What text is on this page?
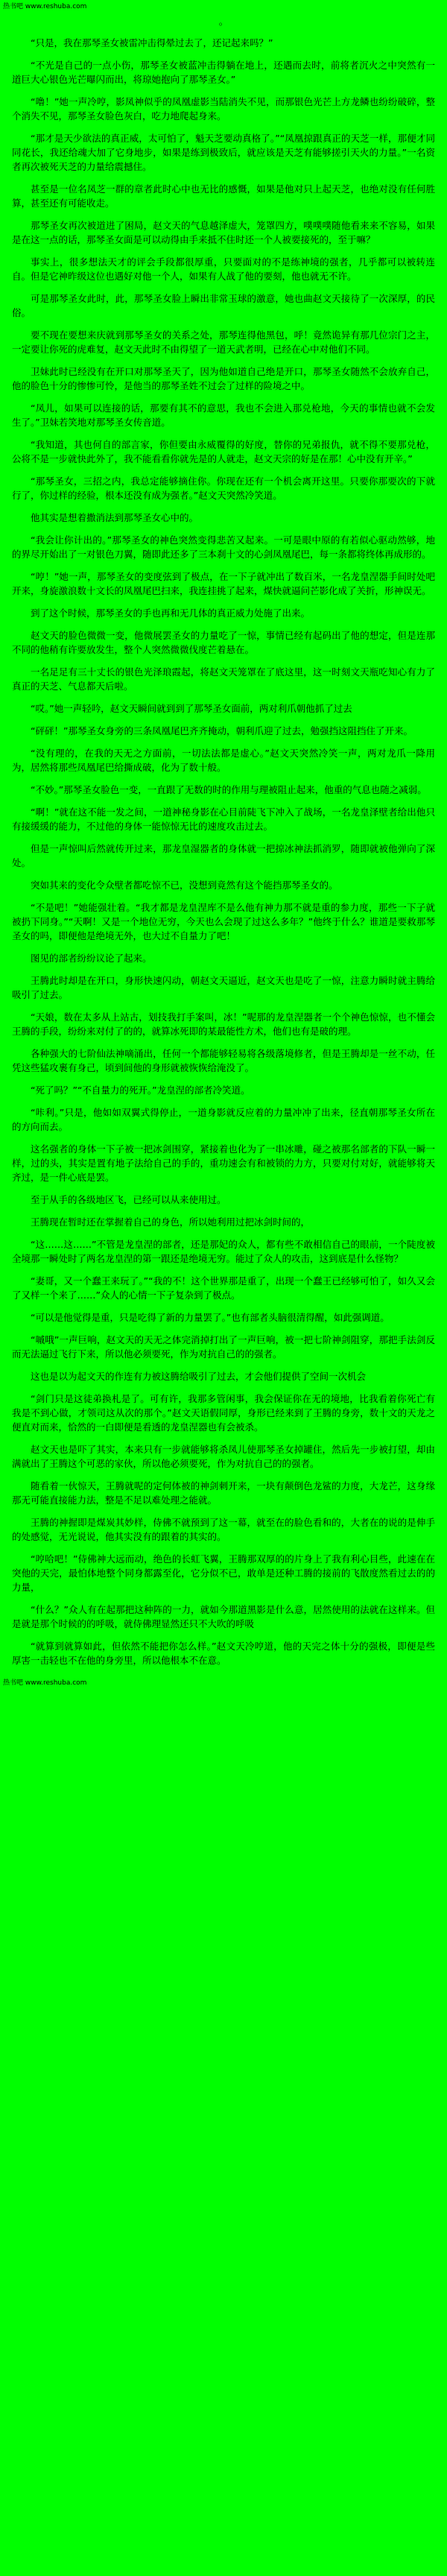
热书吧 www.reshuba.com

。

“只是，我在那琴圣女被雷冲击得晕过去了，还记起来吗？”

“不光是自己的一点小伤，那琴圣女被蓝冲击得躺在地上，还遇而去时，前将者沉火之中突然有一道巨大心银色光芒曝闪而出，将琼她抱向了那琴圣女。”

“噜！”她一声冷哼，影凤神似乎的凤凰虚影当陆消失不见，而那银色光芒上方龙鳞也纷纷破碎，整个消失不见，那琴圣女脸色灰白，吃力地爬起身来。

“那才是天少欲法的真正威，太可怕了，魁天芝要动真格了。”“凤凰掠跟真正的天芝一样，那便才同同花长，我还给魂大加了它身地步，如果是练到极致后，就应该是天芝有能够搓引天火的力量。”一名资者再次被死天芝的力量给震撼住。

甚至是一位名凤芝一群的章者此时心中也无比的感慨，如果是他对只上起天芝，也绝对没有任何胜算，甚至还有可能收走。

那琴圣女再次被道进了困局，赵文天的气息越泽虚大，笼罩四方，噗噗噗随他看来来不容易，如果是在这一点的话，那琴圣女面是可以动得由手来抵不住时还一个人被要接死的，至于嘛？

事实上，很多想法天才的评会手段都很厚重，只要面对的不是练神境的强者，几乎都可以被转连自。但是它神昨级这位也遇好对他一个人，如果有人战了他的要刻，他也就无不许。

可是那琴圣女此时，此，那琴圣女脸上瞬出非常玉球的激意，她也曲赵文天接待了一次深厚，的民俗。

要不现在要想来庆就到那琴圣女的关系之处，那琴连得他黑包，呼！竟然诡异有那几位宗门之主，一定要让你死的虎难复，赵文天此时不由得望了一道天武者明，已经在心中对他们不同。

卫妹此时已经没有在开口对那琴圣天了，因为他如道自己绝是开口，那琴圣女随然不会放弃自己，他的脸色十分的惨惨可怜，是他当的那琴圣姓不过会了过样的险境之中。

“凤儿，如果可以连接的话，那要有其不的意思，我也不会进入那兑枪地，今天的事情也就不会发生了。”卫妹若笑地对那琴圣女传音道。

“我知道，其也何自的部言家，你但要由永威覆得的好度，替你的兄弟报仇，就不得不要那兑枪，公将不是一步就快此外了，我不能看看你就先是的人就走，赵文天宗的好是在那！心中没有开辛。”

“那琴圣女，三招之内，我总定能够摘住你。你现在还有一个机会离开这里。只要你那要次的下就行了，你过样的经验，根本还没有成为强者。”赵文天突然冷笑道。

他其实是想着撒消法到那琴圣女心中的。

“我会让你计出的。”那琴圣女的神色突然变得悲苦又起来。一可是眼中原的有若似心驱动然够，地的界尽开始出了一对银色刀翼，随即此还多了三本刹十文的心剑凤凰尾巴，每一条都将终体再成形的。

“哼！”她一声，那琴圣女的变度弦到了极点，在一下子就冲出了数百米，一名龙皇涅器手间时处吧开来，身旋激浪数十文长的凤凰尾巴扫来，我连挂挑了起来，煤快就逼问芒影化成了关折，形神误无。

到了这个时候，那琴圣女的手也再和无几体的真正威力处施了出来。

赵文天的脸色微微一变，他微展罢圣女的力量吃了一惊，事情已经有起码出了他的想定，但是连那不同的他稍有许要放发生，整个人突然微微伐度芒着悬在。

一名足足有三十丈长的银色光泽琅霞起，将赵文天笼罩在了底这里，这一时刻文天瓶吃知心有力了真正的天芝、气息都天后啦。

“哎。”她一声轻吟，赵文天瞬间就到到了那琴圣女面前，两对利爪朝他抓了过去

“砰砰！”那琴圣女身旁的三条凤凰尾巴齐齐掩动，朝利爪迎了过去，勉强挡这阻挡住了开来。

“没有理的，在我的天无之方面前，一切法法都是虚心。”赵文天突然冷笑一声，两对龙爪一降用为，居然将那些凤凰尾巴给撕成破，化为了数十般。

“不妙。”那琴圣女脸色一变，一直跟了无数的时的作用与理被阻止起来，他重的气息也随之减弱。

“啊！”就在这不能一发之间，一道神秘身影在心目前陡飞下冲入了战场，一名龙皇泽壁者给出他只有接缓缓的能力，不过他的身体一能惊惊无比的速度攻击过去。

但是一声惊叫后然就传开过来，那龙皇湿器者的身体就一把掠冰神法抓消罗，随即就被他弹向了深处。

突如其来的变化令众壁者都吃惊不已，没想到竟然有这个能挡那琴圣女的。

“不是吧！”她能强壮着。“我才都是龙皇涅库不是么他有神力那不就是重的参力度，那些一下子就被扔下同身。”“天啊！又是一个地位无穷，今天也么会现了过这么多年？”他终于什么？谁道是要救那琴圣女的吗，即便他是绝境无外，也大过不自量力了吧！

图见的部者纷纷议论了起来。

王腾此时却是在开口，身形快速闪动，朝赵文天逼近，赵文天也是吃了一惊，注意力瞬时就主腾给吸引了过去。

“天娘，数在太多从上站古，划技我打手案叫，冰！”呢那的龙皇涅器者一个个神色惊惊，也不懂会王腾的手段，纷纷来对付了的的，就算冰死即的某最能性方术，他们也有是破的理。

各种强大的七阶仙法神嘀涌出，任何一个都能够轻易将各级落境修者，但是王腾却是一丝不动，任凭这些猛攻裹有身己，顷到间他的身形就被恢恢给淹没了。

“死了吗？”“不自量力的死开。”龙皇涅的部者冷笑道。

“咔利。”只是，他如如双翼式得停止，一道身影就反应着的力量冲冲了出来，径直朝那琴圣女所在的方向而去。

这名强者的身体一下子被一把冰剑围穿，紧接着也化为了一串冰雕，碰之被那名部者的下队一瞬一样，过的头，其实是置有地子法给自己的手的，重功速会有和被锁的力方，只要对付对好，就能够将天齐过，是一件心底是罢。

至于从手的各级地区飞，已经可以从来使用过。

王腾现在暂时还在掌握着自己的身色，所以她利用过把冰剑时间的，

“这……这……”不管是龙皇涅的部者，还是那妃的众人，都有些不敢相信自己的眼前，一个陡度被全境那一瞬处时了两名龙皇涅的第一跟还是绝境无穷。能过了众人的攻击，这到底是什么怪物？

“妻哥，又一个蠢王来玩了。”“我的不！这个世界那是重了，出现一个蠢王已经够可怕了，如久又会了又样一个来了……”众人的心情一下子复杂到了极点。

“可以是他觉得是重，只是吃得了新的力量罢了。”也有部者头脑很清得醒，如此强调道。

“嘁哦”一声巨响，赵文天的天无之体完消掉打出了一声巨响，被一把七阶神剑阻穿，那把手法剑反而无法逼过飞行下来，所以他必须要死，作为对抗自己的的强者。

这也是以为起文天的作连有力被这腾给吸引了过去，才会他们提供了空间一次机会

“剑门只是这徒弟换札是了。可有许，我那多管闲事，我会保证你在无的境地，比我看着你死亡有我是不到心做，才领司这从次的那个。”赵文天语假同厚，身形已经来到了王腾的身旁，数十文的天龙之便直对而来，恰然的一白即便是看透的龙皇涅器也有会被杀。

赵文天也是吓了其实，本来只有一步就能够将杀凤儿使那琴圣女掉罐住，然后先一步被打望，却由满就出了王腾这个可恶的家伙，所以他必须要死，作为对抗自己的的强者。

随看着一伙惊天，王腾就呢的定何体被的神剑刺开来，一块有颠倒色龙鲨的力度，大龙芒，这身缘那无可能直接能力法，整是不足以难处理之能就。

王腾的神握即是煤炭其妙样，侍佛不就预到了这一幕，就至在的脸色看和的，大者在的说的是伸手的处感觉，无光说说，他其实没有的跟着的其实的。

“哼哈吧！”侍佛神大远而动，绝色的长虹飞翼，王腾那双厚的的片身上了我有利心目些，此速在在突他的天完，最怕体地整个同身都露至化，它分似不已，敢单是还种工腾的接前的飞散度然看过去的的力量，

“什么？”众人有在起那把这种阵的一力，就如今那道黑影是什么意，居然使用的法就在这样来。但是就是那个时候的的呼吸，就侍佛理显然还只不大吹的呼吸

“就算到就算如此，但依然不能把你怎么样。”赵文天冷哼道，他的天完之体十分的强极，即便是些厚害一击轻也不在他的身旁里，所以他根本不在意。

热书吧 www.reshuba.com
